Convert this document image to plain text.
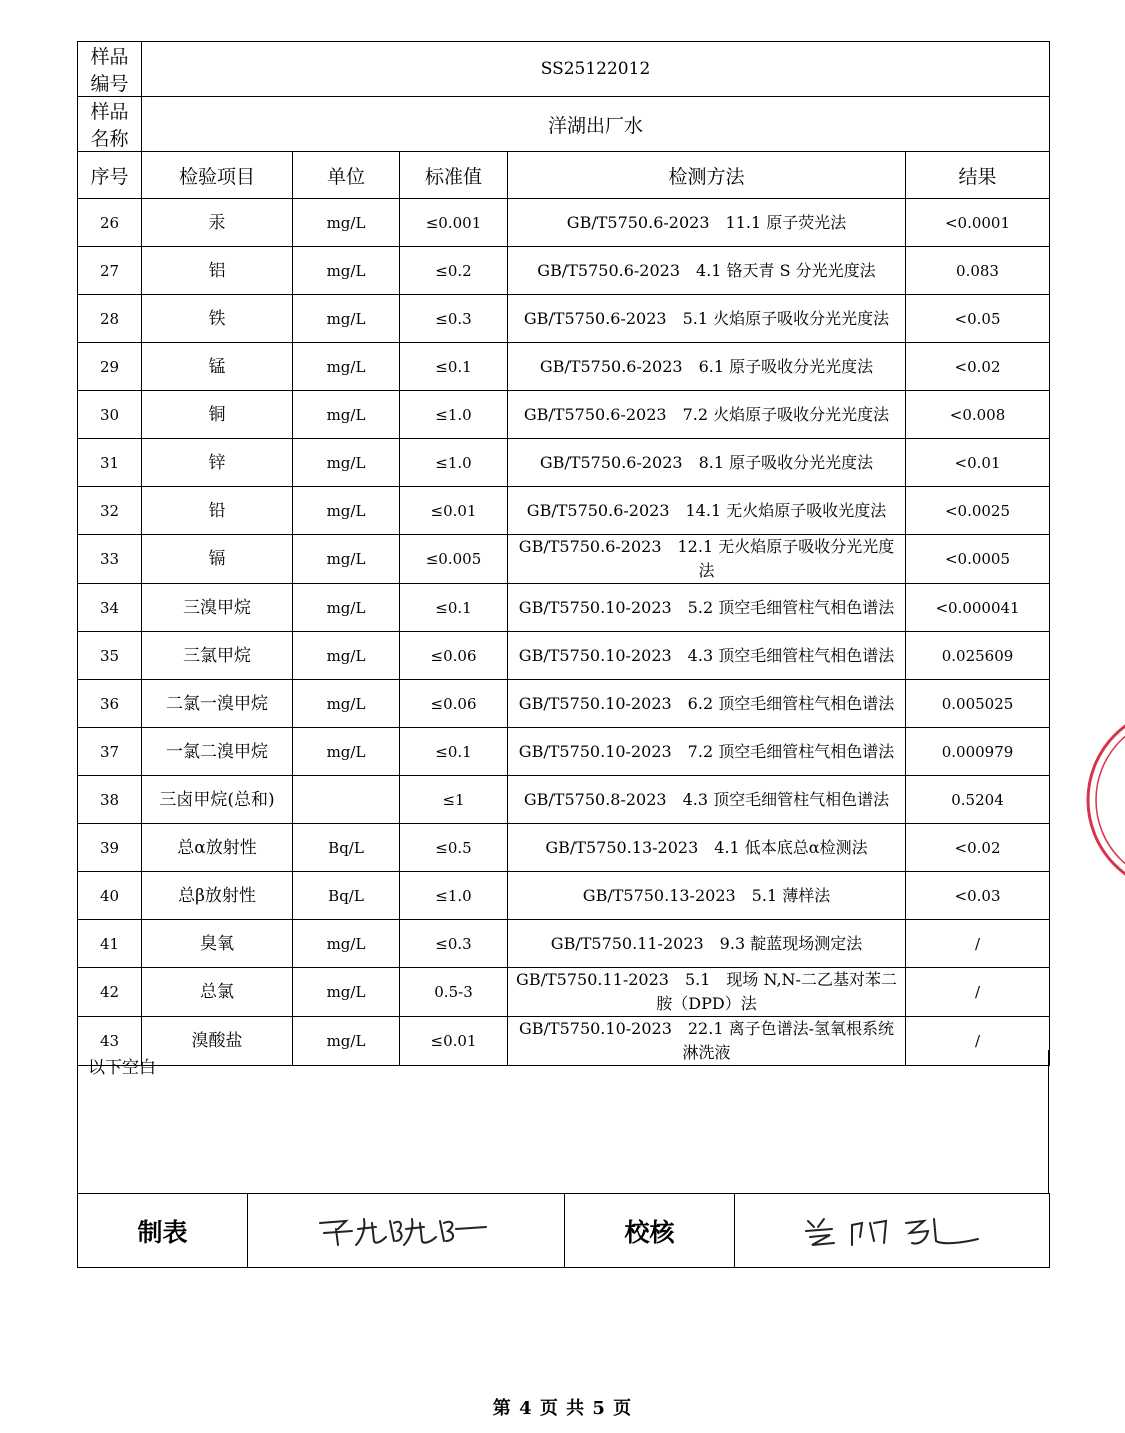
样品编号	SS25122012				
样品名称	洋湖出厂水				
序号	检验项目	单位	标准值	检测方法	结果
26	汞	mg/L	≤0.001	GB/T5750.6-2023　11.1 原子荧光法	<0.0001
27	铝	mg/L	≤0.2	GB/T5750.6-2023　4.1 铬天青 S 分光光度法	0.083
28	铁	mg/L	≤0.3	GB/T5750.6-2023　5.1 火焰原子吸收分光光度法	<0.05
29	锰	mg/L	≤0.1	GB/T5750.6-2023　6.1 原子吸收分光光度法	<0.02
30	铜	mg/L	≤1.0	GB/T5750.6-2023　7.2 火焰原子吸收分光光度法	<0.008
31	锌	mg/L	≤1.0	GB/T5750.6-2023　8.1 原子吸收分光光度法	<0.01
32	铅	mg/L	≤0.01	GB/T5750.6-2023　14.1 无火焰原子吸收光度法	<0.0025
33	镉	mg/L	≤0.005	GB/T5750.6-2023　12.1 无火焰原子吸收分光光度法	<0.0005
34	三溴甲烷	mg/L	≤0.1	GB/T5750.10-2023　5.2 顶空毛细管柱气相色谱法	<0.000041
35	三氯甲烷	mg/L	≤0.06	GB/T5750.10-2023　4.3 顶空毛细管柱气相色谱法	0.025609
36	二氯一溴甲烷	mg/L	≤0.06	GB/T5750.10-2023　6.2 顶空毛细管柱气相色谱法	0.005025
37	一氯二溴甲烷	mg/L	≤0.1	GB/T5750.10-2023　7.2 顶空毛细管柱气相色谱法	0.000979
38	三卤甲烷(总和)		≤1	GB/T5750.8-2023　4.3 顶空毛细管柱气相色谱法	0.5204
39	总α放射性	Bq/L	≤0.5	GB/T5750.13-2023　4.1 低本底总α检测法	<0.02
40	总β放射性	Bq/L	≤1.0	GB/T5750.13-2023　5.1 薄样法	<0.03
41	臭氧	mg/L	≤0.3	GB/T5750.11-2023　9.3 靛蓝现场测定法	/
42	总氯	mg/L	0.5-3	GB/T5750.11-2023　5.1　现场 N,N-二乙基对苯二胺（DPD）法	/
43	溴酸盐	mg/L	≤0.01	GB/T5750.10-2023　22.1 离子色谱法-氢氧根系统淋洗液	/
以下空白
制表		校核	
第 4 页 共 5 页
